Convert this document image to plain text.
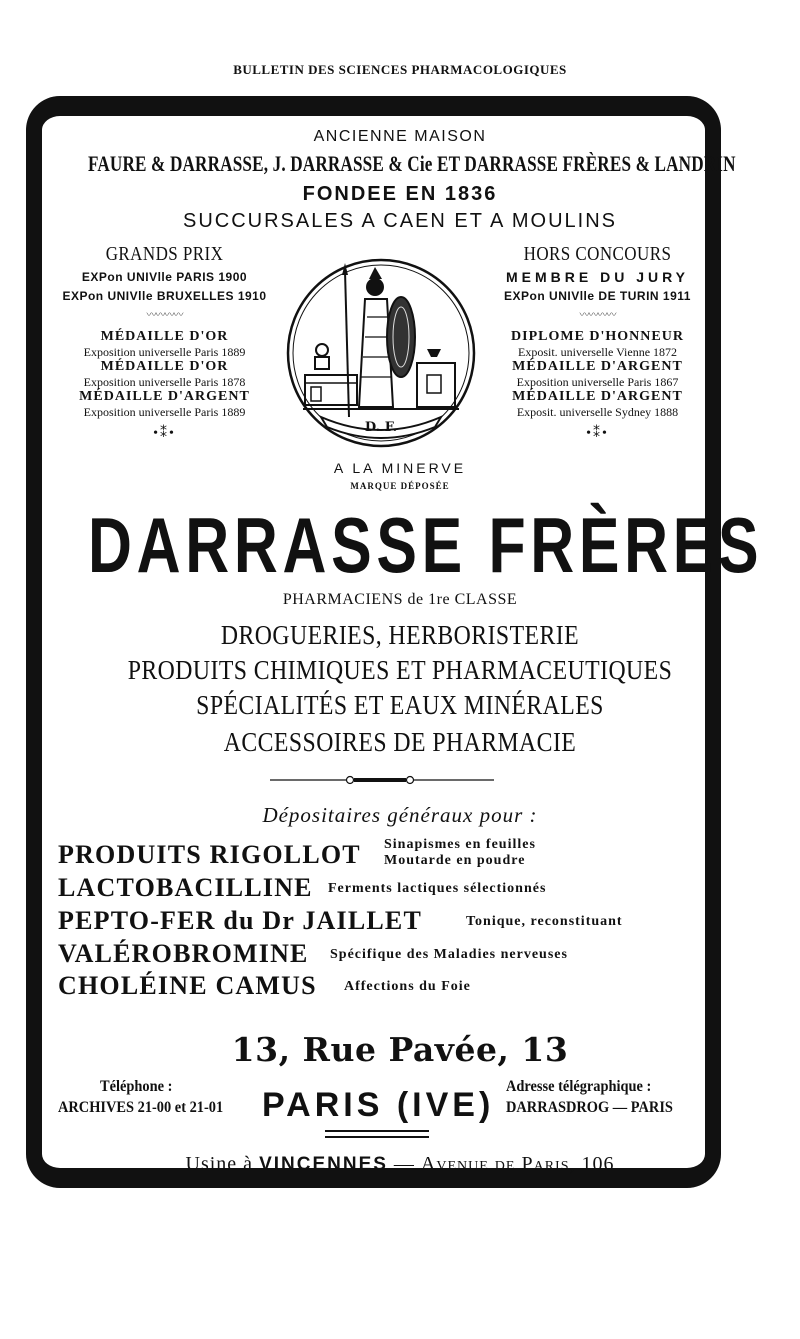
BULLETIN DES SCIENCES PHARMACOLOGIQUES
ANCIENNE MAISON
FAURE & DARRASSE, J. DARRASSE & Cie ET DARRASSE FRÈRES & LANDRIN
FONDEE EN 1836
SUCCURSALES A CAEN ET A MOULINS
GRANDS PRIX
EXPon UNIVlle PARIS 1900
EXPon UNIVlle BRUXELLES 1910
〰〰〰〰
MÉDAILLE D'OR
Exposition universelle Paris 1889
MÉDAILLE D'OR
Exposition universelle Paris 1878
MÉDAILLE D'ARGENT
Exposition universelle Paris 1889
•⁑•
HORS CONCOURS
MEMBRE DU JURY
EXPon UNIVlle DE TURIN 1911
〰〰〰〰
DIPLOME D'HONNEUR
Exposit. universelle Vienne 1872
MÉDAILLE D'ARGENT
Exposition universelle Paris 1867
MÉDAILLE D'ARGENT
Exposit. universelle Sydney 1888
•⁑•
D. F.
A LA MINERVE
MARQUE DÉPOSÉE
DARRASSE FRÈRES
PHARMACIENS de 1re CLASSE
DROGUERIES, HERBORISTERIE
PRODUITS CHIMIQUES ET PHARMACEUTIQUES
SPÉCIALITÉS ET EAUX MINÉRALES
ACCESSOIRES DE PHARMACIE
Dépositaires généraux pour :
PRODUITS RIGOLLOT Sinapismes en feuilles
Moutarde en poudre
LACTOBACILLINE Ferments lactiques sélectionnés
PEPTO-FER du Dr JAILLET	Tonique, reconstituant
VALÉROBROMINE Spécifique des Maladies nerveuses
CHOLÉINE CAMUS Affections du Foie
13, Rue Pavée, 13
Téléphone :
ARCHIVES 21-00 et 21-01 PARIS (IVE) Adresse télégraphique :
DARRASDROG — PARIS
Usine à VINCENNES — Avenue de Paris, 106
